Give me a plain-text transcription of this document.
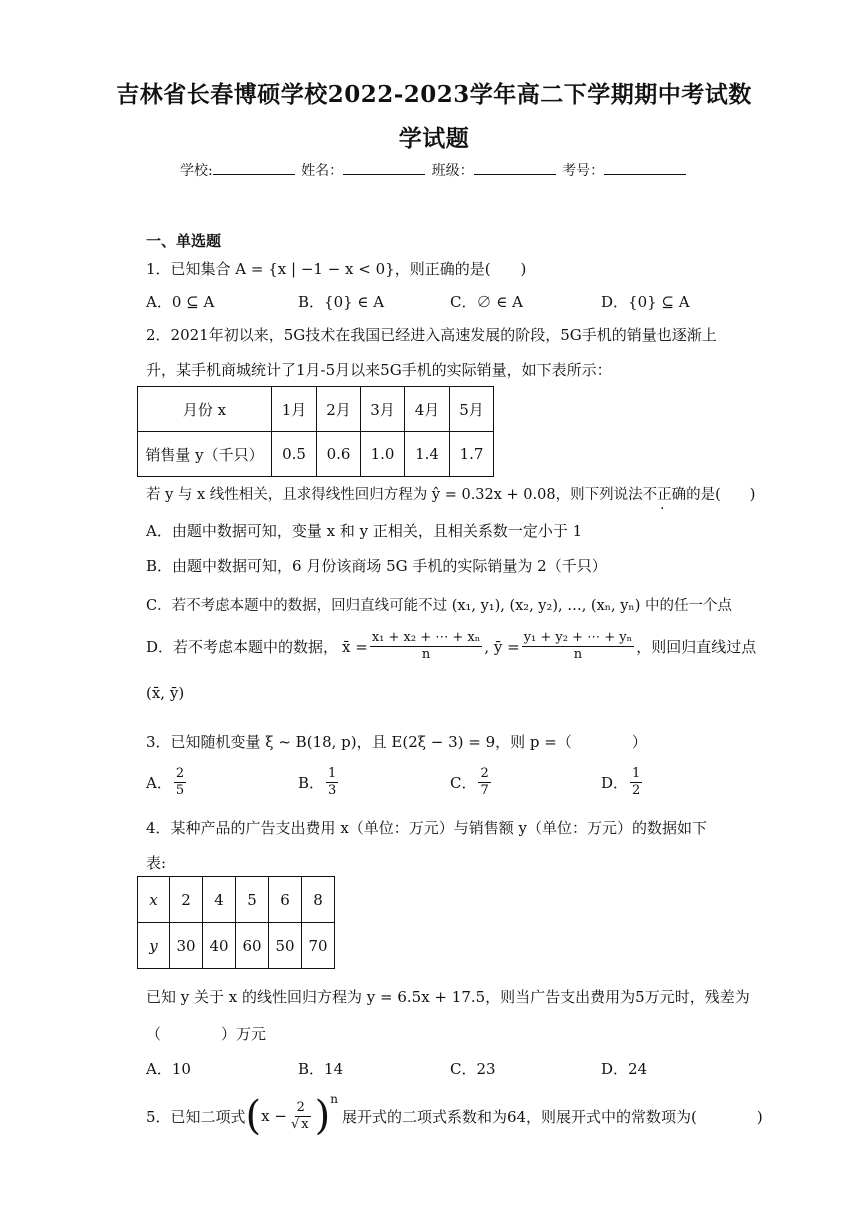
吉林省长春博硕学校2022-2023学年高二下学期期中考试数
学试题
学校:	姓名：	班级：	考号：
一、单选题
1．已知集合 A = {x | −1 − x < 0}，则正确的是(　　)
A．0 ⊆ A	B．{0} ∈ A	C．∅ ∈ A	D．{0} ⊆ A
2．2021年初以来，5G技术在我国已经进入高速发展的阶段，5G手机的销量也逐渐上
升，某手机商城统计了1月-5月以来5G手机的实际销量，如下表所示：
月份 x	1月	2月	3月	4月	5月
销售量 y（千只）	0.5	0.6	1.0	1.4	1.7
若 y 与 x 线性相关，且求得线性回归方程为 ŷ = 0.32x + 0.08，则下列说法不正确的是(　　)
A．由题中数据可知，变量 x 和 y 正相关，且相关系数一定小于 1
B．由题中数据可知，6 月份该商场 5G 手机的实际销量为 2（千只）
C．若不考虑本题中的数据，回归直线可能不过 (x₁, y₁), (x₂, y₂), …, (xₙ, yₙ) 中的任一个点
D．若不考虑本题中的数据， x̄ = $\frac{\text{x₁ + x₂ + ⋯ + xₙ}}{n}$ , ȳ = $\frac{\text{y₁ + y₂ + ⋯ + yₙ}}{n}$ ，则回归直线过点
(x̄, ȳ)
3．已知随机变量 ξ ~ B(18, p)，且 E(2ξ − 3) = 9，则 p =（　　　　）
A． $\frac{2}{5}$	B． $\frac{1}{3}$	C． $\frac{2}{7}$	D． $\frac{1}{2}$
4．某种产品的广告支出费用 x（单位：万元）与销售额 y（单位：万元）的数据如下
表:
x	2	4	5	6	8
y	30	40	60	50	70
已知 y 关于 x 的线性回归方程为 y = 6.5x + 17.5，则当广告支出费用为5万元时，残差为
（　　　　）万元
A．10	B．14	C．23	D．24
5．已知二项式 ( $x - \frac{2}{√ x} )^n$
展开式的二项式系数和为64，则展开式中的常数项为(　　　　)
